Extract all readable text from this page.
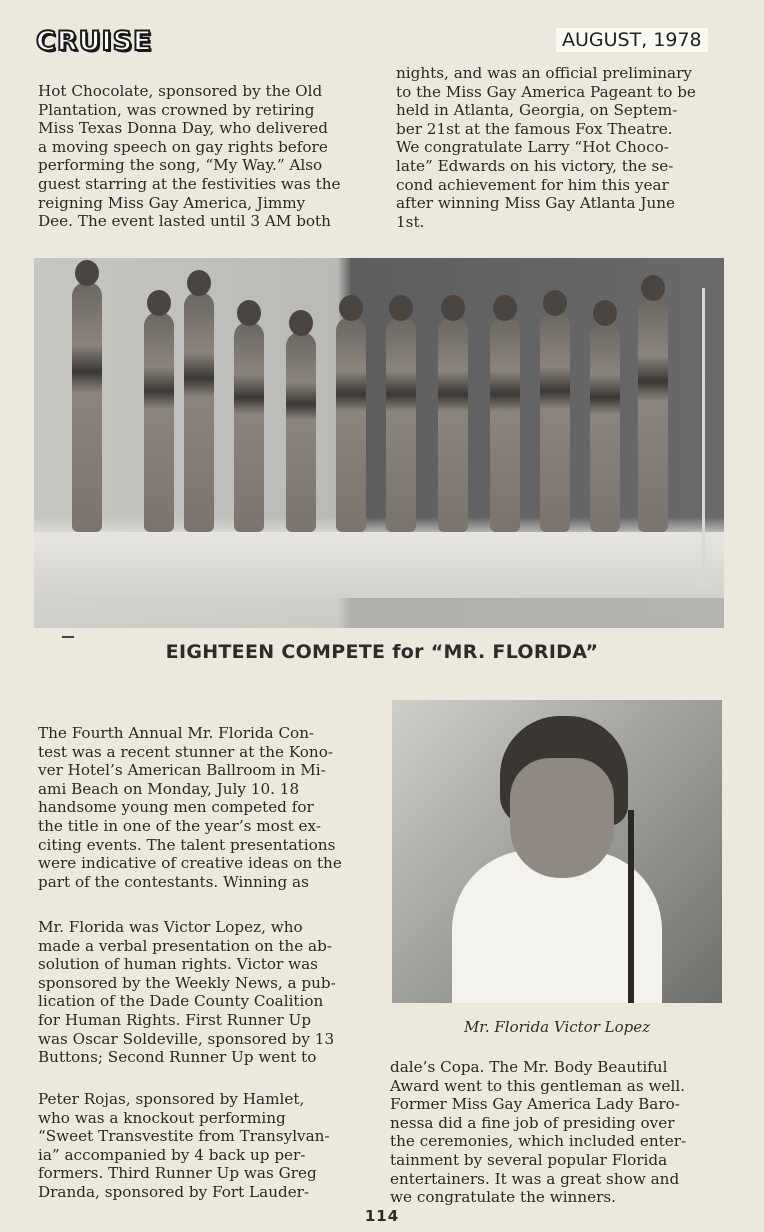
CRUISE	AUGUST, 1978

Hot Chocolate, sponsored by the Old

Plantation, was crowned by retiring

Miss Texas Donna Day, who delivered

a moving speech on gay rights before

performing the song, “My Way.” Also

guest starring at the festivities was the

reigning Miss Gay America, Jimmy

Dee. The event lasted until 3 AM both

nights, and was an official preliminary

to the Miss Gay America Pageant to be

held in Atlanta, Georgia, on Septem-

ber 21st at the famous Fox Theatre.

We congratulate Larry “Hot Choco-

late” Edwards on his victory, the se-

cond achievement for him this year

after winning Miss Gay Atlanta June

1st.

EIGHTEEN COMPETE for “MR. FLORIDA”

The Fourth Annual Mr. Florida Con-

test was a recent stunner at the Kono-

ver Hotel’s American Ballroom in Mi-

ami Beach on Monday, July 10. 18

handsome young men competed for

the title in one of the year’s most ex-

citing events. The talent presentations

were indicative of creative ideas on the

part of the contestants. Winning as

Mr. Florida was Victor Lopez, who

made a verbal presentation on the ab-

solution of human rights. Victor was

sponsored by the Weekly News, a pub-

lication of the Dade County Coalition

for Human Rights. First Runner Up

was Oscar Soldeville, sponsored by 13

Buttons; Second Runner Up went to

Peter Rojas, sponsored by Hamlet,

who was a knockout performing

“Sweet Transvestite from Transylvan-

ia” accompanied by 4 back up per-

formers. Third Runner Up was Greg

Dranda, sponsored by Fort Lauder-

Mr. Florida Victor Lopez

dale’s Copa. The Mr. Body Beautiful

Award went to this gentleman as well.

Former Miss Gay America Lady Baro-

nessa did a fine job of presiding over

the ceremonies, which included enter-

tainment by several popular Florida

entertainers. It was a great show and

we congratulate the winners.

114
